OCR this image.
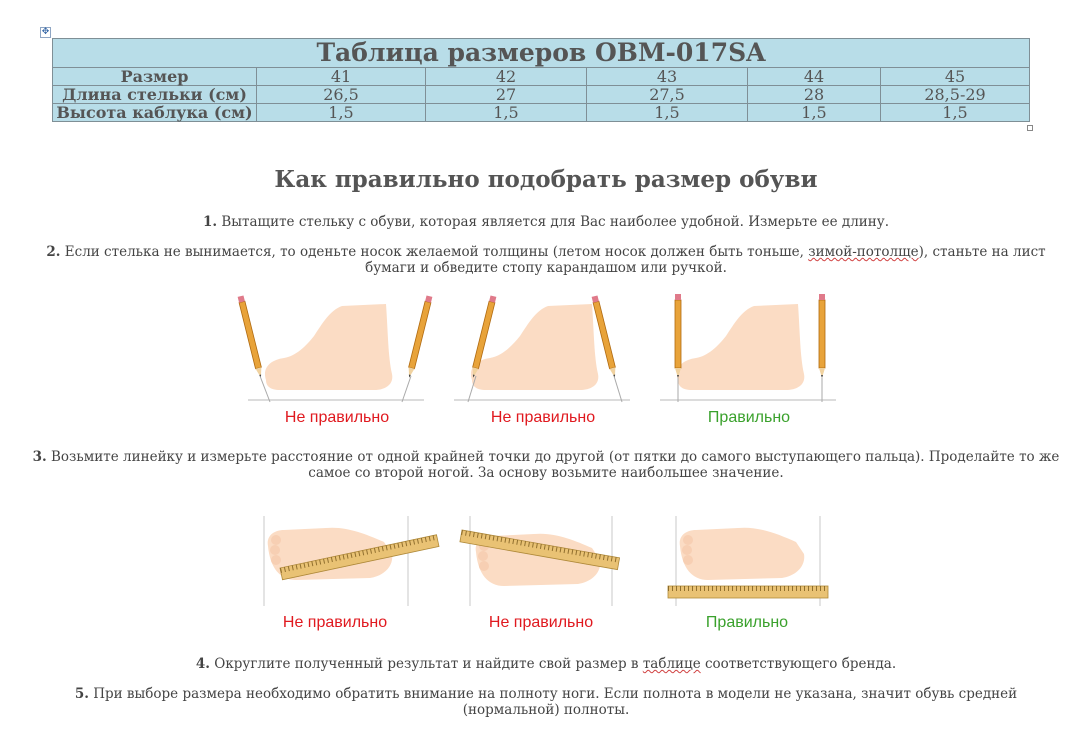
✥
Таблица размеров OBM-017SA					
Размер	41	42	43	44	45
Длина стельки (см)	26,5	27	27,5	28	28,5-29
Высота каблука (см)	1,5	1,5	1,5	1,5	1,5
Как правильно подобрать размер обуви
1. Вытащите стельку с обуви, которая является для Вас наиболее удобной. Измерьте ее длину.
2. Если стелька не вынимается, то оденьте носок желаемой толщины (летом носок должен быть тоньше, зимой-потолще), станьте на лист бумаги и обведите стопу карандашом или ручкой.
Не правильно	Не правильно	Правильно
3. Возьмите линейку и измерьте расстояние от одной крайней точки до другой (от пятки до самого выступающего пальца). Проделайте то же самое со второй ногой. За основу возьмите наибольшее значение.
Не правильно	Не правильно	Правильно
4. Округлите полученный результат и найдите свой размер в таблице соответствующего бренда.
5. При выборе размера необходимо обратить внимание на полноту ноги. Если полнота в модели не указана, значит обувь средней (нормальной) полноты.
